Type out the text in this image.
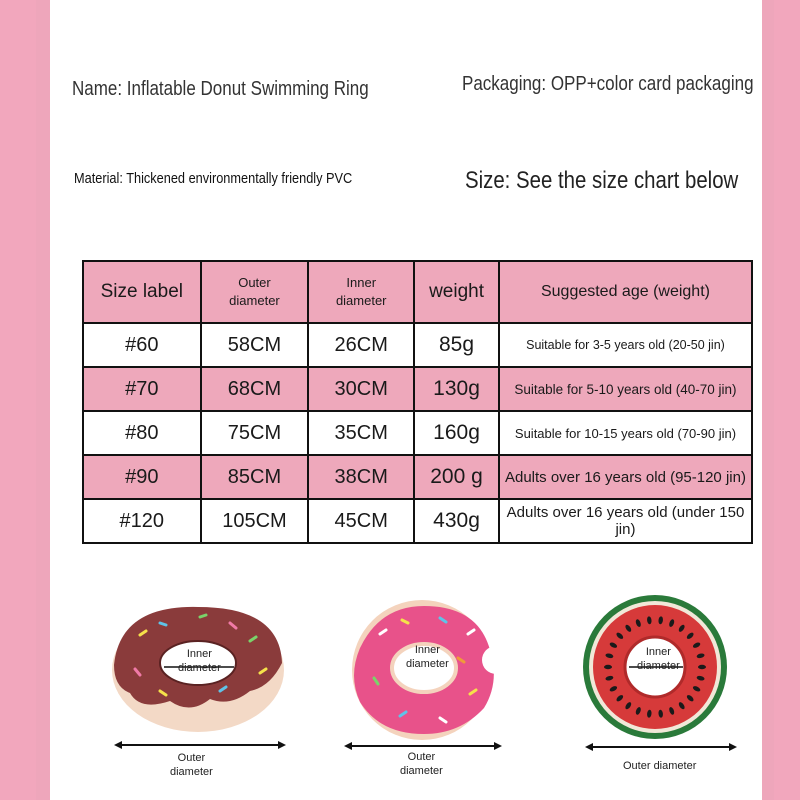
Name: Inflatable Donut Swimming Ring	Packaging: OPP+color card packaging
Material: Thickened environmentally friendly PVC	Size: See the size chart below
Size label	Outer diameter	Inner diameter	weight	Suggested age (weight)
#60	58CM	26CM	85g	Suitable for 3-5 years old (20-50 jin)
#70	68CM	30CM	130g	Suitable for 5-10 years old (40-70 jin)
#80	75CM	35CM	160g	Suitable for 10-15 years old (70-90 jin)
#90	85CM	38CM	200 g	Adults over 16 years old (95-120 jin)
#120	105CM	45CM	430g	Adults over 16 years old (under 150 jin)
Inner
diameter
Outer
diameter
Inner
diameter
Outer
diameter
Inner
diameter
Outer diameter
